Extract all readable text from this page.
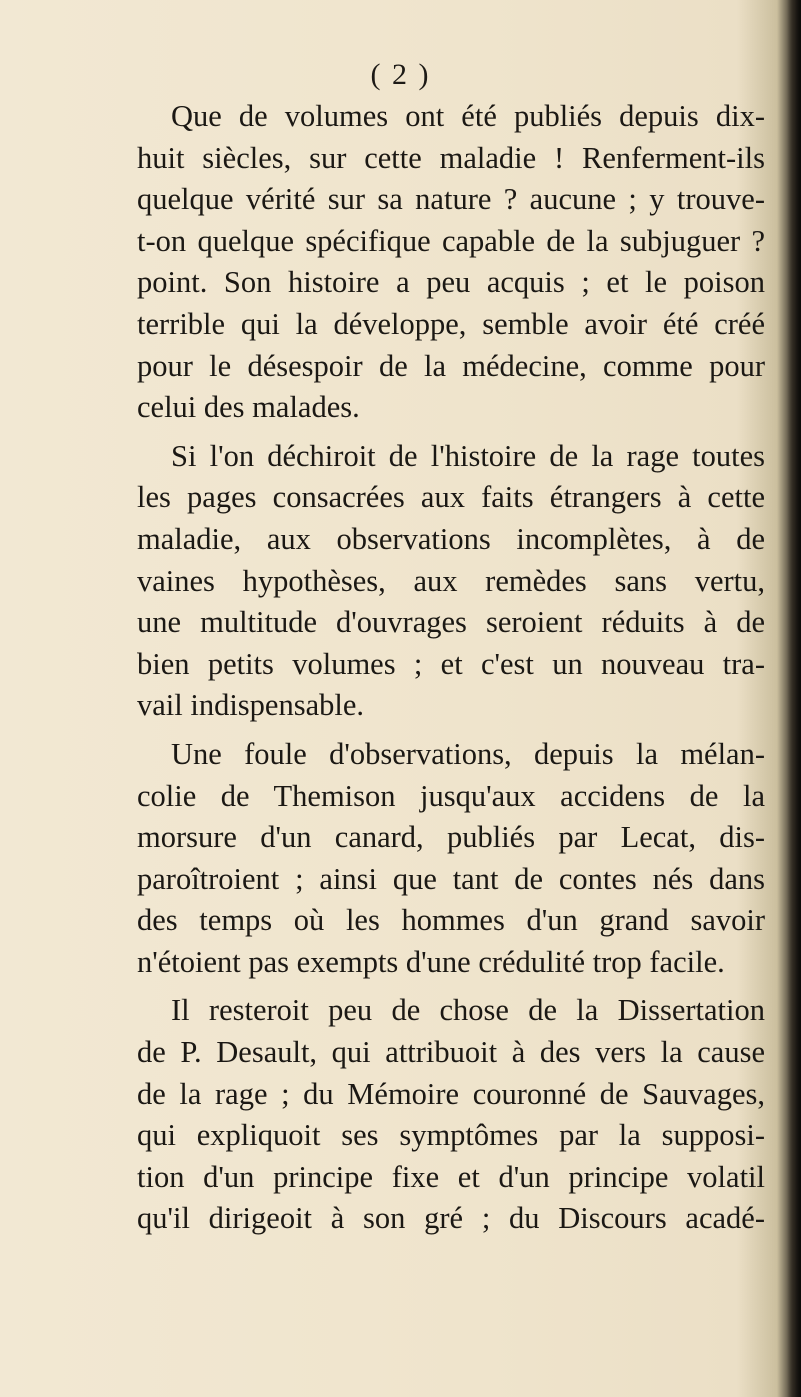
( 2 )
Que de volumes ont été publiés depuis dix-
huit siècles, sur cette maladie ! Renferment-ils
quelque vérité sur sa nature ? aucune ; y trouve-
t-on quelque spécifique capable de la subjuguer ?
point. Son histoire a peu acquis ; et le poison
terrible qui la développe, semble avoir été créé
pour le désespoir de la médecine, comme pour
celui des malades.
Si l'on déchiroit de l'histoire de la rage toutes
les pages consacrées aux faits étrangers à cette
maladie, aux observations incomplètes, à de
vaines hypothèses, aux remèdes sans vertu,
une multitude d'ouvrages seroient réduits à de
bien petits volumes ; et c'est un nouveau tra-
vail indispensable.
Une foule d'observations, depuis la mélan-
colie de Themison jusqu'aux accidens de la
morsure d'un canard, publiés par Lecat, dis-
paroîtroient ; ainsi que tant de contes nés dans
des temps où les hommes d'un grand savoir
n'étoient pas exempts d'une crédulité trop facile.
Il resteroit peu de chose de la Dissertation
de P. Desault, qui attribuoit à des vers la cause
de la rage ; du Mémoire couronné de Sauvages,
qui expliquoit ses symptômes par la supposi-
tion d'un principe fixe et d'un principe volatil
qu'il dirigeoit à son gré ; du Discours acadé-
